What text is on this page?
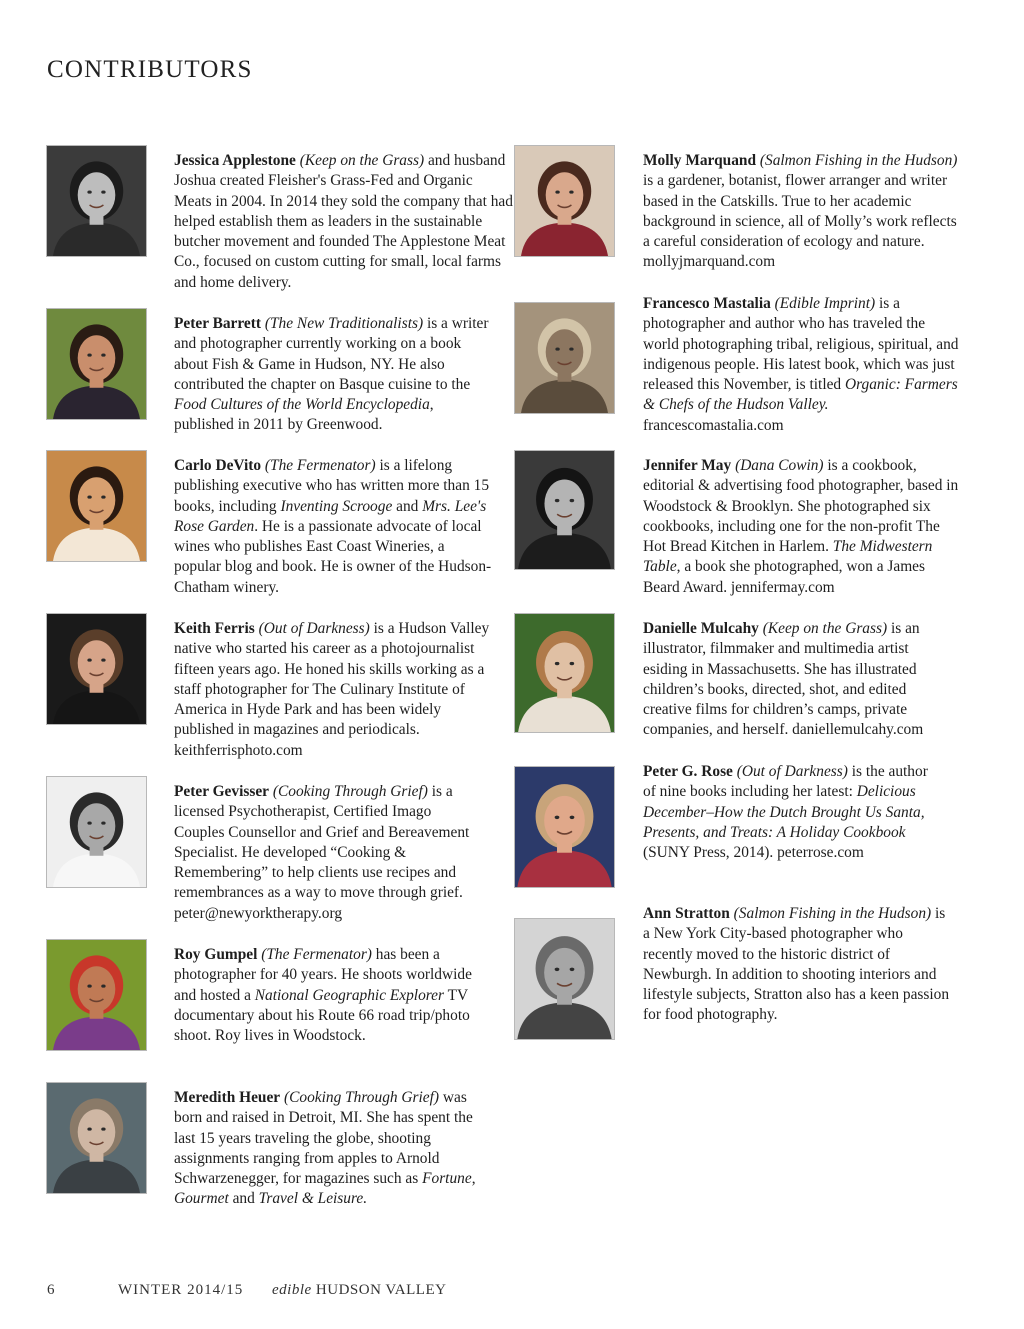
CONTRIBUTORS

Jessica Applestone (Keep on the Grass) and husband Joshua created Fleisher's Grass-Fed and Organic Meats in 2004. In 2014 they sold the company that had helped establish them as leaders in the sustainable butcher movement and founded The Applestone Meat Co., focused on custom cutting for small, local farms and home delivery.

Peter Barrett (The New Traditionalists) is a writer and photographer currently working on a book about Fish & Game in Hudson, NY. He also contributed the chapter on Basque cuisine to the Food Cultures of the World Encyclopedia, published in 2011 by Greenwood.

Carlo DeVito (The Fermenator) is a lifelong publishing executive who has written more than 15 books, including Inventing Scrooge and Mrs. Lee's Rose Garden. He is a passionate advocate of local wines who publishes East Coast Wineries, a popular blog and book. He is owner of the Hudson-Chatham winery.

Keith Ferris (Out of Darkness) is a Hudson Valley native who started his career as a photojournalist fifteen years ago. He honed his skills working as a staff photographer for The Culinary Institute of America in Hyde Park and has been widely published in magazines and periodicals. keithferrisphoto.com

Peter Gevisser (Cooking Through Grief) is a licensed Psychotherapist, Certified Imago Couples Counsellor and Grief and Bereavement Specialist. He developed “Cooking & Remembering” to help clients use recipes and remembrances as a way to move through grief. peter@newyorktherapy.org

Roy Gumpel (The Fermenator) has been a photographer for 40 years. He shoots worldwide and hosted a National Geographic Explorer TV documentary about his Route 66 road trip/photo shoot. Roy lives in Woodstock.

Meredith Heuer (Cooking Through Grief) was born and raised in Detroit, MI. She has spent the last 15 years traveling the globe, shooting assignments ranging from apples to Arnold Schwarzenegger, for magazines such as Fortune, Gourmet and Travel & Leisure.

Molly Marquand (Salmon Fishing in the Hudson) is a gardener, botanist, flower arranger and writer based in the Catskills. True to her academic background in science, all of Molly’s work reflects a careful consideration of ecology and nature. mollyjmarquand.com

Francesco Mastalia (Edible Imprint) is a photographer and author who has traveled the world photographing tribal, religious, spiritual, and indigenous people. His latest book, which was just released this November, is titled Organic: Farmers & Chefs of the Hudson Valley. francescomastalia.com

Jennifer May (Dana Cowin) is a cookbook, editorial & advertising food photographer, based in Woodstock & Brooklyn. She photographed six cookbooks, including one for the non-profit The Hot Bread Kitchen in Harlem. The Midwestern Table, a book she photographed, won a James Beard Award. jennifermay.com

Danielle Mulcahy (Keep on the Grass) is an illustrator, filmmaker and multimedia artist esiding in Massachusetts. She has illustrated children’s books, directed, shot, and edited creative films for children’s camps, private companies, and herself. daniellemulcahy.com

Peter G. Rose (Out of Darkness) is the author of nine books including her latest: Delicious December–How the Dutch Brought Us Santa, Presents, and Treats: A Holiday Cookbook (SUNY Press, 2014). peterrose.com

Ann Stratton (Salmon Fishing in the Hudson) is a New York City-based photographer who recently moved to the historic district of Newburgh. In addition to shooting interiors and lifestyle subjects, Stratton also has a keen passion for food photography.

6	WINTER 2014/15 edible HUDSON VALLEY
